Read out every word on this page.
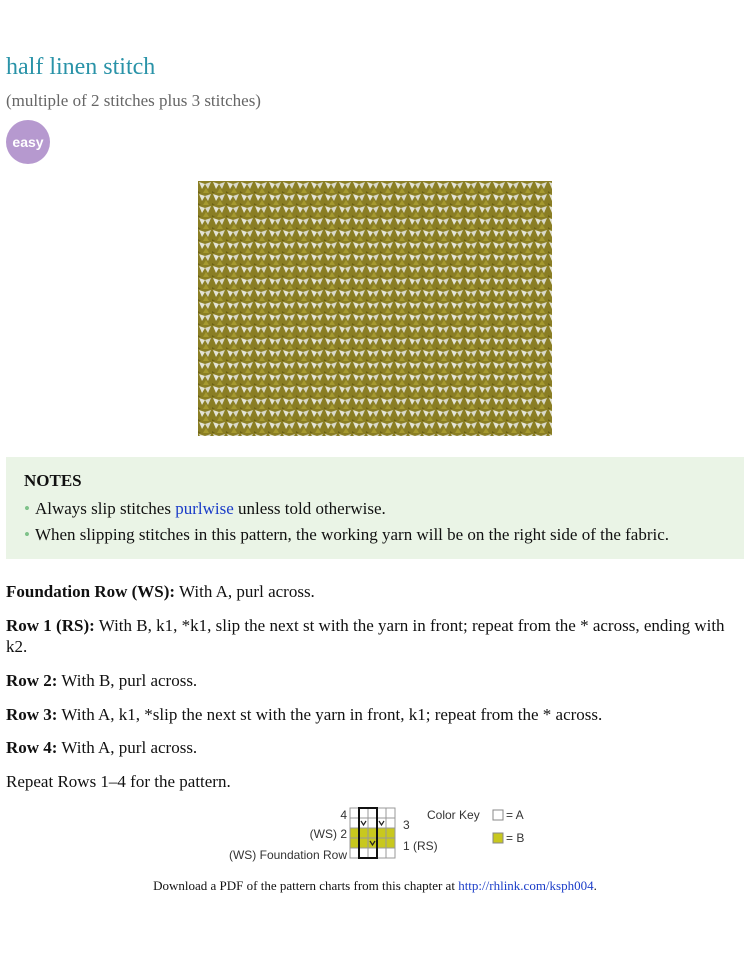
half linen stitch
(multiple of 2 stitches plus 3 stitches)
easy
NOTES
• Always slip stitches purlwise unless told otherwise.
• When slipping stitches in this pattern, the working yarn will be on the right side of the fabric.
Foundation Row (WS): With A, purl across.
Row 1 (RS): With B, k1, *k1, slip the next st with the yarn in front; repeat from the * across, ending with k2.
Row 2: With B, purl across.
Row 3: With A, k1, *slip the next st with the yarn in front, k1; repeat from the * across.
Row 4: With A, purl across.
Repeat Rows 1–4 for the pattern.
4
(WS) 2
(WS) Foundation Row
3
1 (RS)
Color Key = A
= B
Download a PDF of the pattern charts from this chapter at http://rhlink.com/ksph004.
